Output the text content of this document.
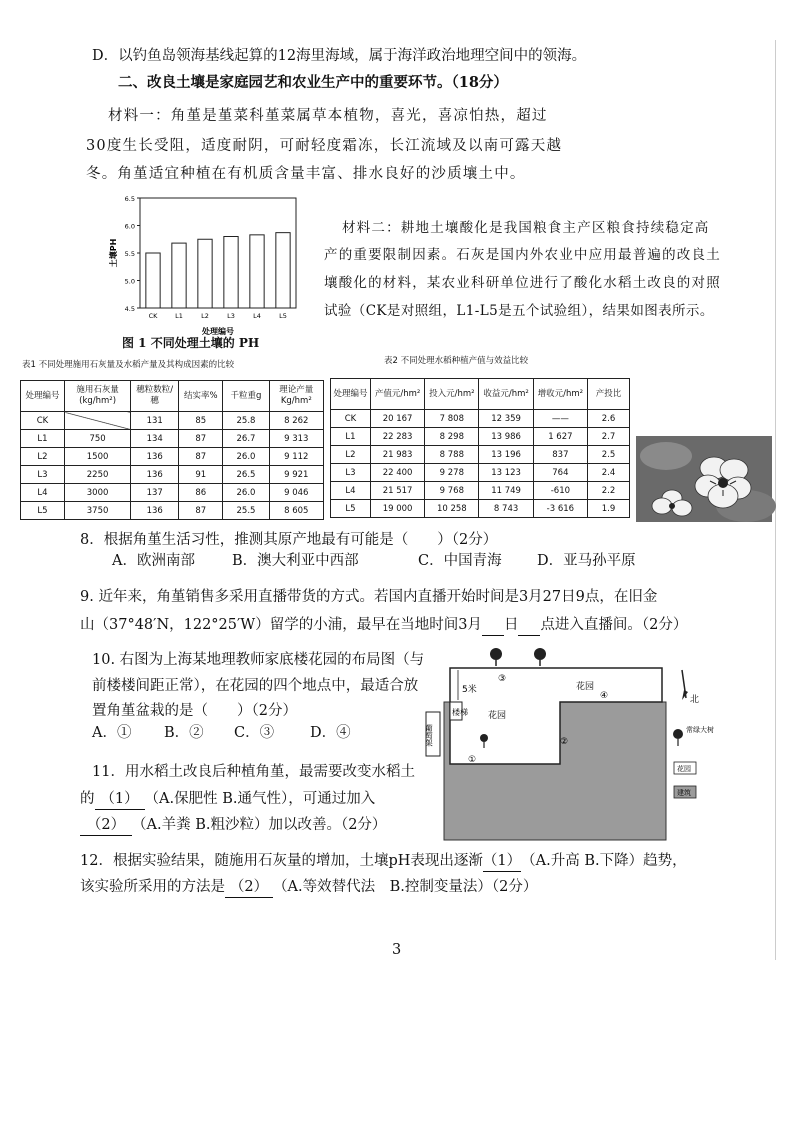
D．以钓鱼岛领海基线起算的12海里海域，属于海洋政治地理空间中的领海。
二、改良土壤是家庭园艺和农业生产中的重要环节。（18分）
材料一：角堇是堇菜科堇菜属草本植物，喜光，喜凉怕热，超过
30度生长受阻，适度耐阴，可耐轻度霜冻，长江流域及以南可露天越
冬。角堇适宜种植在有机质含量丰富、排水良好的沙质壤土中。
6.5
6.0
5.5
5.0
4.5
CK	L1	L2	L3	L4	L5
处理编号
土壤PH
图 1 不同处理土壤的 PH
材料二：耕地土壤酸化是我国粮食主产区粮食持续稳定高
产的重要限制因素。石灰是国内外农业中应用最普遍的改良土
壤酸化的材料，某农业科研单位进行了酸化水稻土改良的对照
试验（CK是对照组，L1-L5是五个试验组），结果如图表所示。
表1 不同处理施用石灰量及水稻产量及其构成因素的比较
处理编号	施用石灰量(kg/hm²)	穗粒数粒/穗	结实率%	千粒重g	理论产量Kg/hm²
CK		131	85	25.8	8 262
L1	750	134	87	26.7	9 313
L2	1500	136	87	26.0	9 112
L3	2250	136	91	26.5	9 921
L4	3000	137	86	26.0	9 046
L5	3750	136	87	25.5	8 605
表2 不同处理水稻种植产值与效益比较
处理编号	产值元/hm²	投入元/hm²	收益元/hm²	增收元/hm²	产投比
CK	20 167	7 808	12 359	——	2.6
L1	22 283	8 298	13 986	1 627	2.7
L2	21 983	8 788	13 196	837	2.5
L3	22 400	9 278	13 123	764	2.4
L4	21 517	9 768	11 749	-610	2.2
L5	19 000	10 258	8 743	-3 616	1.9
8．根据角堇生活习性，推测其原产地最有可能是（　　）（2分）
A．欧洲南部	B．澳大利亚中西部	C．中国青海 D．亚马孙平原
9. 近年来，角堇销售多采用直播带货的方式。若国内直播开始时间是3月27日9点，在旧金
山（37°48′N，122°25′W）留学的小浦，最早在当地时间3月 日 点进入直播间。（2分）
10. 右图为上海某地理教师家底楼花园的布局图（与
前楼楼间距正常），在花园的四个地点中，最适合放
置角堇盆栽的是（　　）（2分）
A．① B．② C．③ D．④
5米	花园
花园
楼梯
葡萄架
③
④
②
①
北
常绿大树
花园
建筑
11．用水稻土改良后种植角堇，最需要改变水稻土
的 （1） （A.保肥性 B.通气性），可通过加入
（2） （A.羊粪 B.粗沙粒）加以改善。（2分）
12．根据实验结果，随施用石灰量的增加，土壤pH表现出逐渐（1）（A.升高 B.下降）趋势，
该实验所采用的方法是 （2） （A.等效替代法　B.控制变量法）（2分）
3
